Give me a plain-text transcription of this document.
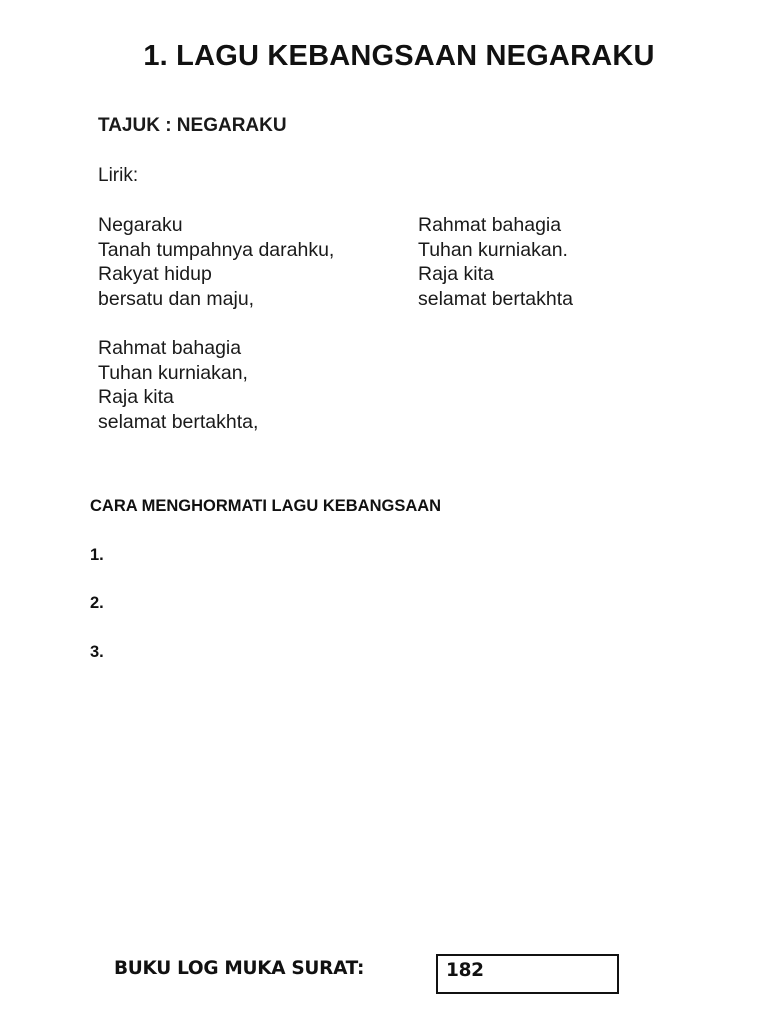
1. LAGU KEBANGSAAN NEGARAKU
TAJUK : NEGARAKU
Lirik:
Negaraku
Tanah tumpahnya darahku,
Rakyat hidup
bersatu dan maju,
Rahmat bahagia
Tuhan kurniakan.
Raja kita
selamat bertakhta
Rahmat bahagia
Tuhan kurniakan,
Raja kita
selamat bertakhta,
CARA MENGHORMATI LAGU KEBANGSAAN
1.
2.
3.
BUKU LOG MUKA SURAT:	182
